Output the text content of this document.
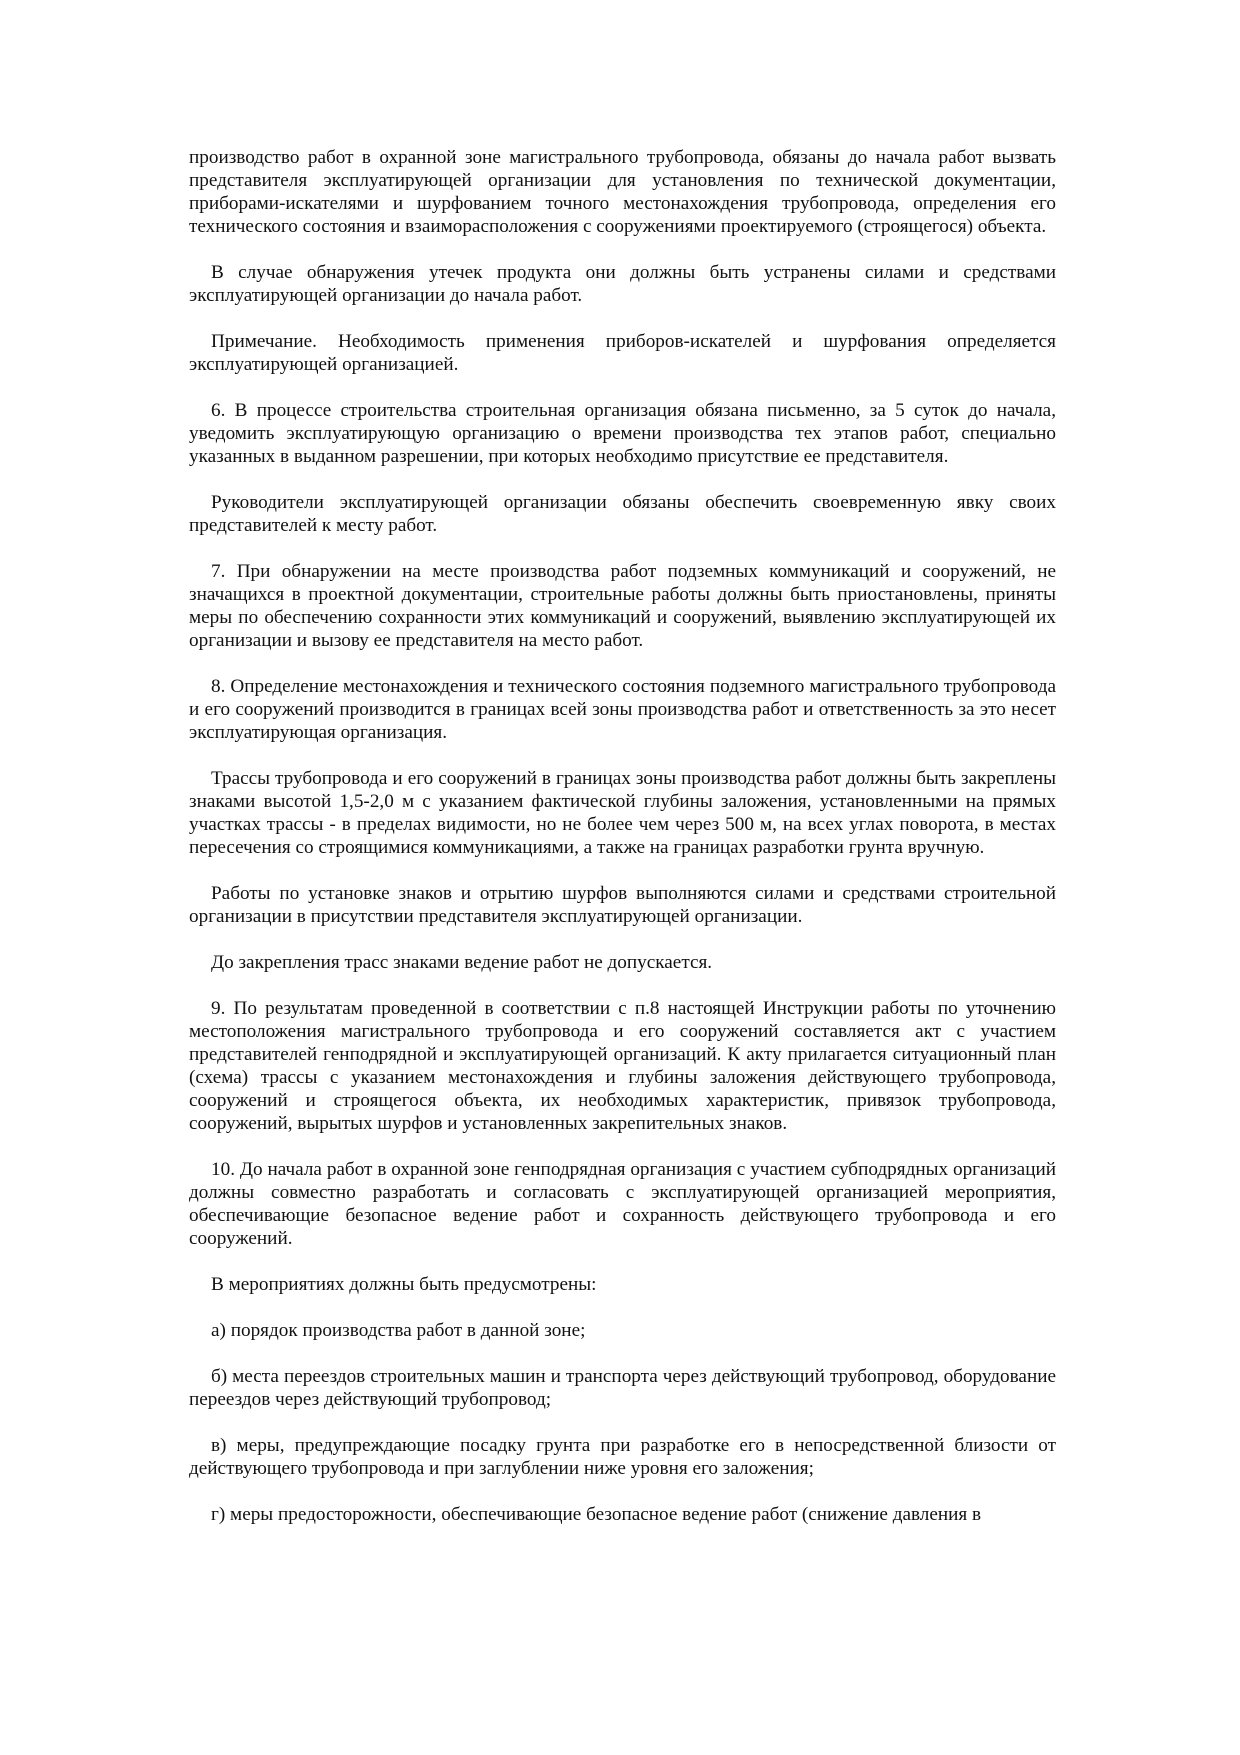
производство работ в охранной зоне магистрального трубопровода, обязаны до начала работ вызвать представителя эксплуатирующей организации для установления по технической документации, приборами-искателями и шурфованием точного местонахождения трубопровода, определения его технического состояния и взаиморасположения с сооружениями проектируемого (строящегося) объекта.

В случае обнаружения утечек продукта они должны быть устранены силами и средствами эксплуатирующей организации до начала работ.

Примечание. Необходимость применения приборов-искателей и шурфования определяется эксплуатирующей организацией.

6. В процессе строительства строительная организация обязана письменно, за 5 суток до начала, уведомить эксплуатирующую организацию о времени производства тех этапов работ, специально указанных в выданном разрешении, при которых необходимо присутствие ее представителя.

Руководители эксплуатирующей организации обязаны обеспечить своевременную явку своих представителей к месту работ.

7. При обнаружении на месте производства работ подземных коммуникаций и сооружений, не значащихся в проектной документации, строительные работы должны быть приостановлены, приняты меры по обеспечению сохранности этих коммуникаций и сооружений, выявлению эксплуатирующей их организации и вызову ее представителя на место работ.

8. Определение местонахождения и технического состояния подземного магистрального трубопровода и его сооружений производится в границах всей зоны производства работ и ответственность за это несет эксплуатирующая организация.

Трассы трубопровода и его сооружений в границах зоны производства работ должны быть закреплены знаками высотой 1,5-2,0 м с указанием фактической глубины заложения, установленными на прямых участках трассы - в пределах видимости, но не более чем через 500 м, на всех углах поворота, в местах пересечения со строящимися коммуникациями, а также на границах разработки грунта вручную.

Работы по установке знаков и отрытию шурфов выполняются силами и средствами строительной организации в присутствии представителя эксплуатирующей организации.

До закрепления трасс знаками ведение работ не допускается.

9. По результатам проведенной в соответствии с п.8 настоящей Инструкции работы по уточнению местоположения магистрального трубопровода и его сооружений составляется акт с участием представителей генподрядной и эксплуатирующей организаций. К акту прилагается ситуационный план (схема) трассы с указанием местонахождения и глубины заложения действующего трубопровода, сооружений и строящегося объекта, их необходимых характеристик, привязок трубопровода, сооружений, вырытых шурфов и установленных закрепительных знаков.

10. До начала работ в охранной зоне генподрядная организация с участием субподрядных организаций должны совместно разработать и согласовать с эксплуатирующей организацией мероприятия, обеспечивающие безопасное ведение работ и сохранность действующего трубопровода и его сооружений.

В мероприятиях должны быть предусмотрены:

а) порядок производства работ в данной зоне;

б) места переездов строительных машин и транспорта через действующий трубопровод, оборудование переездов через действующий трубопровод;

в) меры, предупреждающие посадку грунта при разработке его в непосредственной близости от действующего трубопровода и при заглублении ниже уровня его заложения;

г) меры предосторожности, обеспечивающие безопасное ведение работ (снижение давления в
